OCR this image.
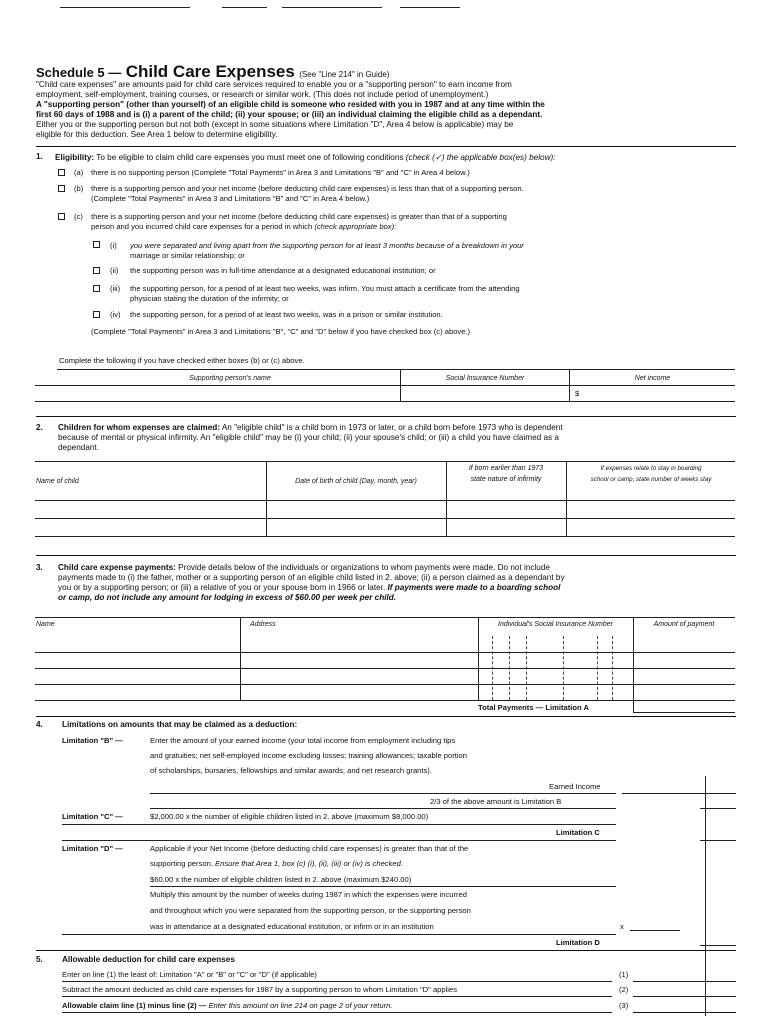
Schedule 5 — Child Care Expenses (See "Line 214" in Guide)
"Child care expenses" are amounts paid for child care services required to enable you or a "supporting person" to earn income from
employment, self-employment, training courses, or research or similar work. (This does not include period of unemployment.)
A "supporting person" (other than yourself) of an eligible child is someone who resided with you in 1987 and at any time within the
first 60 days of 1988 and is (i) a parent of the child; (ii) your spouse; or (iii) an individual claiming the eligible child as a dependant.
Either you or the supporting person but not both (except in some situations where Limitation "D", Area 4 below is applicable) may be
eligible for this deduction. See Area 1 below to determine eligibility.
1. Eligibility: To be eligible to claim child care expenses you must meet one of following conditions (check (✓) the applicable box(es) below):
(a) there is no supporting person (Complete "Total Payments" in Area 3 and Limitations "B" and "C" in Area 4 below.)
(b) there is a supporting person and your net income (before deducting child care expenses) is less than that of a supporting person.
(Complete "Total Payments" in Area 3 and Limitations "B" and "C" in Area 4 below.)
(c) there is a supporting person and your net income (before deducting child care expenses) is greater than that of a supporting
person and you incurred child care expenses for a period in which (check appropriate box):
(i) you were separated and living apart from the supporting person for at least 3 months because of a breakdown in your
marriage or similar relationship; or
(ii) the supporting person was in full-time attendance at a designated educational institution; or
(iii) the supporting person, for a period of at least two weeks, was infirm. You must attach a certificate from the attending
physician stating the duration of the infirmity; or
(iv) the supporting person, for a period of at least two weeks, was in a prison or similar institution.
(Complete "Total Payments" in Area 3 and Limitations "B", "C" and "D" below if you have checked box (c) above.)
Complete the following if you have checked either boxes (b) or (c) above.
Supporting person's name	Social Insurance Number	Net income
$
2. Children for whom expenses are claimed: An "eligible child" is a child born in 1973 or later, or a child born before 1973 who is dependent
because of mental or physical infirmity. An "eligible child" may be (i) your child; (ii) your spouse's child; or (iii) a child you have claimed as a
dependant.
Name of child	Date of birth of child (Day, month, year)
If born earlier than 1973
state nature of infirmity
If expenses relate to stay in boarding
school or camp, state number of weeks stay
3. Child care expense payments: Provide details below of the individuals or organizations to whom payments were made. Do not include
payments made to (i) the father, mother or a supporting person of an eligible child listed in 2. above; (ii) a person claimed as a dependant by
you or by a supporting person; or (iii) a relative of you or your spouse born in 1966 or later. If payments were made to a boarding school
or camp, do not include any amount for lodging in excess of $60.00 per week per child.
Name	Address	Individual's Social Insurance Number	Amount of payment
Total Payments — Limitation A
4. Limitations on amounts that may be claimed as a deduction:
Limitation "B" —	Enter the amount of your earned income (your total income from employment including tips
and gratuities; net self-employed income excluding losses; training allowances; taxable portion
of scholarships, bursaries, fellowships and similar awards; and net research grants).
Earned Income
2/3 of the above amount is Limitation B
Limitation "C" —	$2,000.00 x the number of eligible children listed in 2. above (maximum $8,000.00)
Limitation C
Limitation "D" —	Applicable if your Net Income (before deducting child care expenses) is greater than that of the
supporting person. Ensure that Area 1, box (c) (i), (ii), (iii) or (iv) is checked.
$60.00 x the number of eligible children listed in 2. above (maximum $240.00)
Multiply this amount by the number of weeks during 1987 in which the expenses were incurred
and throughout which you were separated from the supporting person, or the supporting person
was in attendance at a designated educational institution, or infirm or in an institution	x
Limitation D
5. Allowable deduction for child care expenses
Enter on line (1) the least of: Limitation "A" or "B" or "C" or "D" (if applicable)	(1)
Subtract the amount deducted as child care expenses for 1987 by a supporting person to whom Limitation "D" applies	(2)
Allowable claim line (1) minus line (2) — Enter this amount on line 214 on page 2 of your return.	(3)
